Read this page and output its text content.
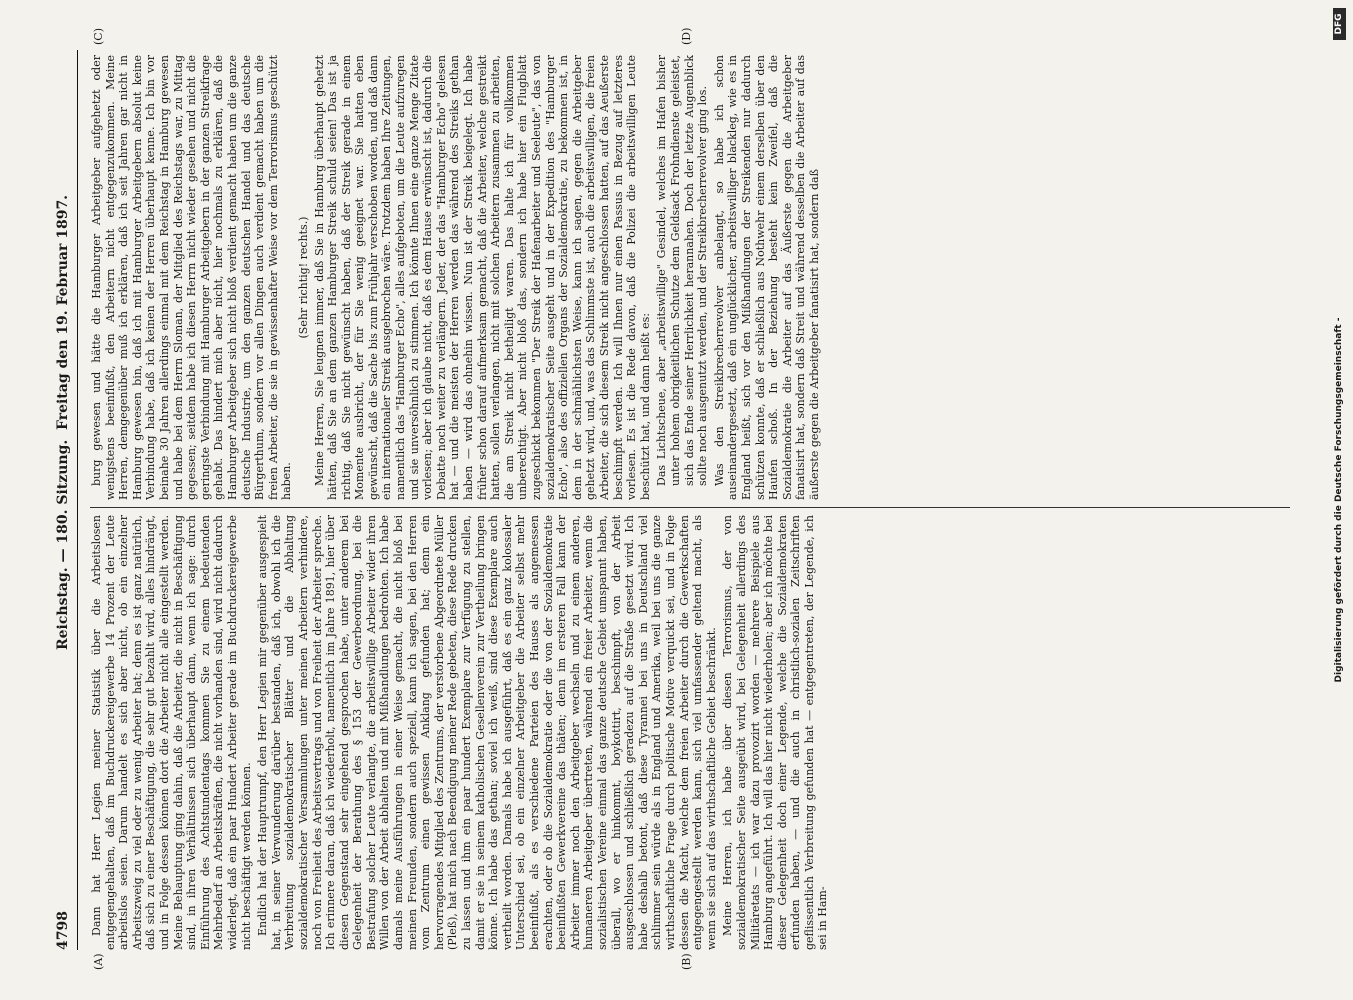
4798
Reichstag. — 180. Sitzung.
Freitag den 19. Februar 1897.
(A)	(B)
(C)	(D)

Dann hat Herr Legien meiner Statistik über die Arbeitslosen entgegengehalten, daß im Buchdruckereigewerbe 14 Prozent der Leute arbeitslos seien. Darum handelt es sich aber nicht, ob ein einzelner Arbeitszweig zu viel oder zu wenig Arbeiter hat; denn es ist ganz natürlich, daß sich zu einer Beschäftigung, die sehr gut bezahlt wird, alles hindrängt, und in Folge dessen können dort die Arbeiter nicht alle eingestellt werden. Meine Behauptung ging dahin, daß die Arbeiter, die nicht in Beschäftigung sind, in ihren Verhältnissen sich überhaupt dann, wenn ich sage: durch Einführung des Achtstundentags kommen Sie zu einem bedeutenden Mehrbedarf an Arbeitskräften, die nicht vorhanden sind, wird nicht dadurch widerlegt, daß ein paar Hundert Arbeiter gerade im Buchdruckereigewerbe nicht beschäftigt werden können. Endlich hat der Hauptrumpf, den Herr Legien mir gegenüber ausgespielt hat, in seiner Verwunderung darüber bestanden, daß ich, obwohl ich die Verbreitung sozialdemokratischer Blätter und die Abhaltung sozialdemokratischer Versammlungen unter meinen Arbeitern verhindere, noch von Freiheit des Arbeitsvertrags und von Freiheit der Arbeiter spreche. Ich erinnere daran, daß ich wiederholt, namentlich im Jahre 1891, hier über diesen Gegenstand sehr eingehend gesprochen habe, unter anderem bei Gelegenheit der Berathung des § 153 der Gewerbeordnung, bei die Bestrafung solcher Leute verlangte, die arbeitswillige Arbeiter wider ihren Willen von der Arbeit abhalten und mit Mißhandlungen bedrohten. Ich habe damals meine Ausführungen in einer Weise gemacht, die nicht bloß bei meinen Freunden, sondern auch speziell, kann ich sagen, bei den Herren vom Zentrum einen gewissen Anklang gefunden hat; denn ein hervorragendes Mitglied des Zentrums, der verstorbene Abgeordnete Müller (Pleß), hat mich nach Beendigung meiner Rede gebeten, diese Rede drucken zu lassen und ihm ein paar hundert Exemplare zur Verfügung zu stellen, damit er sie in seinem katholischen Gesellenverein zur Vertheilung bringen könne. Ich habe das gethan; soviel ich weiß, sind diese Exemplare auch vertheilt worden. Damals habe ich ausgeführt, daß es ein ganz kolossaler Unterschied sei, ob ein einzelner Arbeitgeber die Arbeiter selbst mehr beeinflußt, als es verschiedene Parteien des Hauses als angemessen erachten, oder ob die Sozialdemokratie oder die von der Sozialdemokratie beeinflußten Gewerkvereine das thäten; denn im ersteren Fall kann der Arbeiter immer noch den Arbeitgeber wechseln und zu einem anderen, humaneren Arbeitgeber übertreten, während ein freier Arbeiter, wenn die sozialistischen Vereine einmal das ganze deutsche Gebiet umspannt haben, überall, wo er hinkommt, boykottirt, beschimpft, von der Arbeit ausgeschlossen und schließlich geradezu auf die Straße gesetzt wird. Ich habe deshalb betont, daß diese Tyrannei bei uns in Deutschland viel schlimmer sein würde als in England und Amerika, weil bei uns die ganze wirthschaftliche Frage durch politische Motive verquickt sei, und in Folge dessen die Macht, welche dem freien Arbeiter durch die Gewerkschaften entgegengestellt werden kann, sich viel umfassender geltend macht, als wenn sie sich auf das wirthschaftliche Gebiet beschränkt. Meine Herren, ich habe über diesen Terrorismus, der von sozialdemokratischer Seite ausgeübt wird, bei Gelegenheit allerdings des Militäretats — ich war dazu provozirt worden — mehrere Beispiele aus Hamburg angeführt. Ich will das hier nicht wiederholen; aber ich möchte bei dieser Gelegenheit doch einer Legende, welche die Sozialdemokraten erfunden haben, — und die auch in christlich-sozialen Zeitschriften geflissentlich Verbreitung gefunden hat — entgegentreten, der Legende, ich sei in Ham-

burg gewesen und hätte die Hamburger Arbeitgeber aufgehetzt oder wenigstens beeinflußt, den Arbeitern nicht entgegenzukommen. Meine Herren, demgegenüber muß ich erklären, daß ich seit Jahren gar nicht in Hamburg gewesen bin, daß ich mit Hamburger Arbeitgebern absolut keine Verbindung habe, daß ich keinen der Herren überhaupt kenne. Ich bin vor beinahe 30 Jahren allerdings einmal mit dem Reichstag in Hamburg gewesen und habe bei dem Herrn Sloman, der Mitglied des Reichstags war, zu Mittag gegessen; seitdem habe ich diesen Herrn nicht wieder gesehen und nicht die geringste Verbindung mit Hamburger Arbeitgebern in der ganzen Streikfrage gehabt. Das hindert mich aber nicht, hier nochmals zu erklären, daß die Hamburger Arbeitgeber sich nicht bloß verdient gemacht haben um die ganze deutsche Industrie, um den ganzen deutschen Handel und das deutsche Bürgerthum, sondern vor allen Dingen auch verdient gemacht haben um die freien Arbeiter, die sie in gewissenhafter Weise vor dem Terrorismus geschützt haben.

(Sehr richtig! rechts.) Meine Herren, Sie leugnen immer, daß Sie in Hamburg überhaupt gehetzt hätten, daß Sie an dem ganzen Hamburger Streik schuld seien! Das ist ja richtig, daß Sie nicht gewünscht haben, daß der Streik gerade in einem Momente ausbricht, der für Sie wenig geeignet war. Sie hatten eben gewünscht, daß die Sache bis zum Frühjahr verschoben worden, und daß dann ein internationaler Streik ausgebrochen wäre. Trotzdem haben Ihre Zeitungen, namentlich das "Hamburger Echo", alles aufgeboten, um die Leute aufzuregen und sie unversöhnlich zu stimmen. Ich könnte Ihnen eine ganze Menge Zitate vorlesen; aber ich glaube nicht, daß es dem Hause erwünscht ist, dadurch die Debatte noch weiter zu verlängern. Jeder, der das "Hamburger Echo" gelesen hat — und die meisten der Herren werden das während des Streiks gethan haben — wird das ohnehin wissen. Nun ist der Streik beigelegt. Ich habe früher schon darauf aufmerksam gemacht, daß die Arbeiter, welche gestreikt hatten, sollen verlangen, nicht mit solchen Arbeitern zusammen zu arbeiten, die am Streik nicht betheiligt waren. Das halte ich für vollkommen unberechtigt. Aber nicht bloß das, sondern ich habe hier ein Flugblatt zugeschickt bekommen "Der Streik der Hafenarbeiter und Seeleute", das von sozialdemokratischer Seite ausgeht und in der Expedition des "Hamburger Echo", also des offiziellen Organs der Sozialdemokratie, zu bekommen ist, in dem in der schmählichsten Weise, kann ich sagen, gegen die Arbeitgeber gehetzt wird, und, was das Schlimmste ist, auch die arbeitswilligen, die freien Arbeiter, die sich diesem Streik nicht angeschlossen hatten, auf das Aeußerste beschimpft werden. Ich will Ihnen nur einen Passus in Bezug auf letzteres vorlesen. Es ist die Rede davon, daß die Polizei die arbeitswilligen Leute beschützt hat, und dann heißt es: Das Lichtscheue, aber „arbeitswillige" Gesindel, welches im Hafen bisher unter hohem obrigkeitlichen Schutze dem Geldsack Frohndienste geleistet, sich das Ende seiner Herrlichkeit herannahen. Doch der letzte Augenblick sollte noch ausgenutzt werden, und der Streikbrecherrevolver ging los. Was den Streikbrecherrevolver anbelangt, so habe ich schon auseinandergesetzt, daß ein unglücklicher, arbeitswilliger blackleg, wie es in England heißt, sich vor den Mißhandlungen der Streikenden nur dadurch schützen konnte, daß er schließlich aus Nothwehr einem derselben über den Haufen schoß. In der Beziehung besteht kein Zweifel, daß die Sozialdemokratie die Arbeiter auf das Äußerste gegen die Arbeitgeber fanatisirt hat, sondern daß Streit und während desselben die Arbeiter auf das äußerste gegen die Arbeitgeber fanatisirt hat, sondern daß	Digitalisierung gefördert durch die Deutsche Forschungsgemeinschaft -
DFG
